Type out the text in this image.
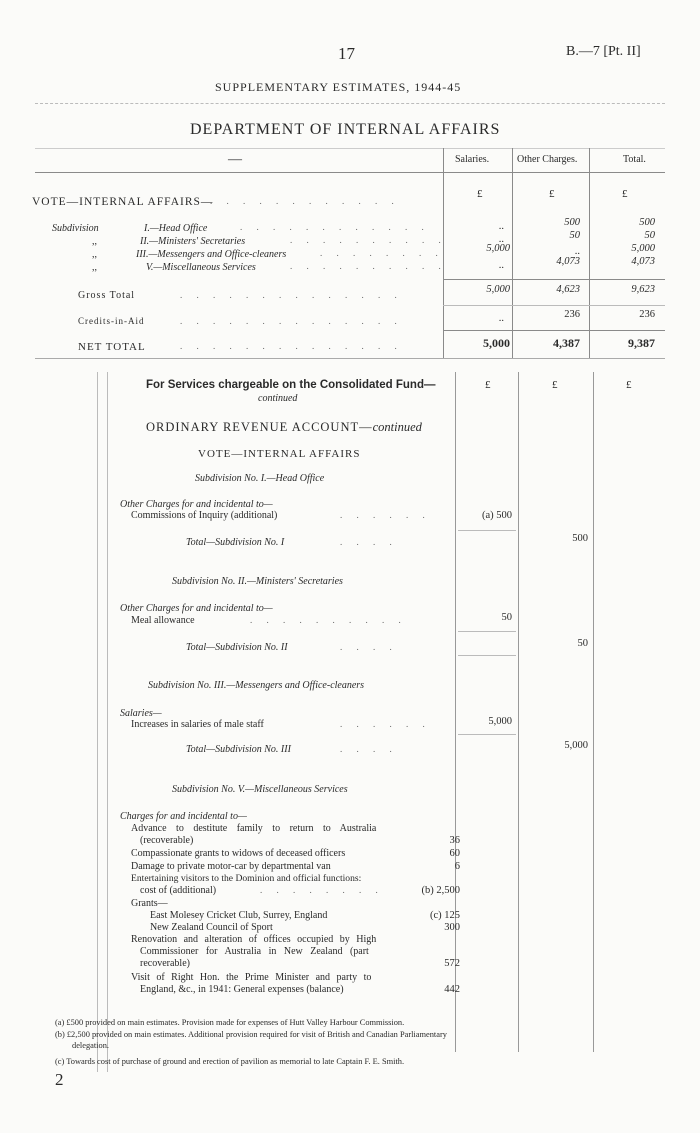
17	B.—7 [Pt. II]
SUPPLEMENTARY ESTIMATES, 1944-45
DEPARTMENT OF INTERNAL AFFAIRS
—	Salaries.	Other Charges.	Total.
£	£	£
VOTE—INTERNAL AFFAIRS—
. . . . . . . . . . . .
Subdivision	I.—Head Office	. . . . . . . . . . . .	..	500	500
,,	II.—Ministers' Secretaries	. . . . . . . . . .	..	50	50
,,	III.—Messengers and Office-cleaners	. . . . . . . .	5,000	..	5,000
,,	V.—Miscellaneous Services	. . . . . . . . . .	..	4,073	4,073
Gross Total	. . . . . . . . . . . . . .	5,000	4,623	9,623
Credits-in-Aid	. . . . . . . . . . . . . .	..	236	236
NET TOTAL	. . . . . . . . . . . . . .	5,000	4,387	9,387
For Services chargeable on the Consolidated Fund—
continued
£	£	£
ORDINARY REVENUE ACCOUNT—continued
VOTE—INTERNAL AFFAIRS
Subdivision No. I.—Head Office
Other Charges for and incidental to—
Commissions of Inquiry (additional)	. . . . . .	(a) 500
Total—Subdivision No. I	. . . .	500
Subdivision No. II.—Ministers' Secretaries
Other Charges for and incidental to—
Meal allowance	. . . . . . . . . .	50
Total—Subdivision No. II	. . . .	50
Subdivision No. III.—Messengers and Office-cleaners
Salaries—
Increases in salaries of male staff	. . . . . .	5,000
Total—Subdivision No. III	. . . .	5,000
Subdivision No. V.—Miscellaneous Services
Charges for and incidental to—
Advance to destitute family to return to Australia
(recoverable)	36
Compassionate grants to widows of deceased officers	60
Damage to private motor-car by departmental van	6
Entertaining visitors to the Dominion and official functions:
cost of (additional)	. . . . . . . .	(b) 2,500
Grants—
East Molesey Cricket Club, Surrey, England	(c) 125
New Zealand Council of Sport	300
Renovation and alteration of offices occupied by High
Commissioner for Australia in New Zealand (part
recoverable)	572
Visit of Right Hon. the Prime Minister and party to
England, &c., in 1941: General expenses (balance)	442
(a) £500 provided on main estimates. Provision made for expenses of Hutt Valley Harbour Commission.
(b) £2,500 provided on main estimates. Additional provision required for visit of British and Canadian Parliamentary
delegation.
(c) Towards cost of purchase of ground and erection of pavilion as memorial to late Captain F. E. Smith.
2
